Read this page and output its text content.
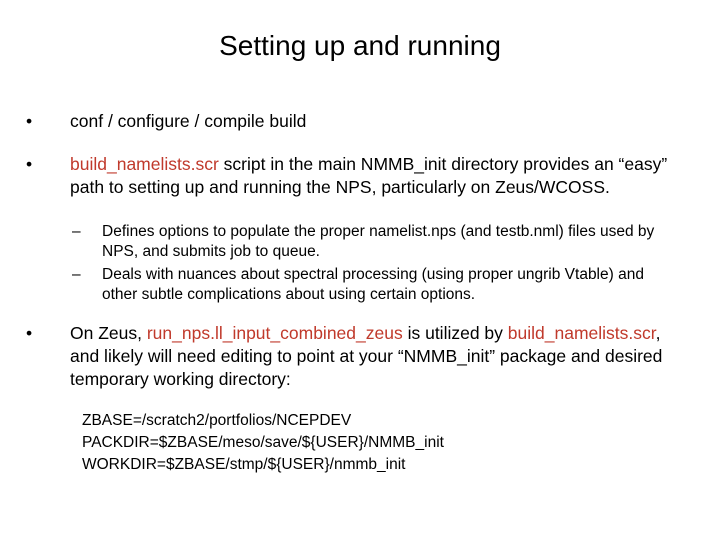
Setting up and running
•	conf / configure / compile build
•	build_namelists.scr script in the main NMMB_init directory provides an “easy” path to setting up and running the NPS, particularly on Zeus/WCOSS.
–	Defines options to populate the proper namelist.nps (and testb.nml) files used by NPS, and submits job to queue.
–	Deals with nuances about spectral processing (using proper ungrib Vtable) and other subtle complications about using certain options.
•	On Zeus, run_nps.ll_input_combined_zeus is utilized by build_namelists.scr, and likely will need editing to point at your “NMMB_init” package and desired temporary working directory:
ZBASE=/scratch2/portfolios/NCEPDEV
PACKDIR=$ZBASE/meso/save/${USER}/NMMB_init
WORKDIR=$ZBASE/stmp/${USER}/nmmb_init
